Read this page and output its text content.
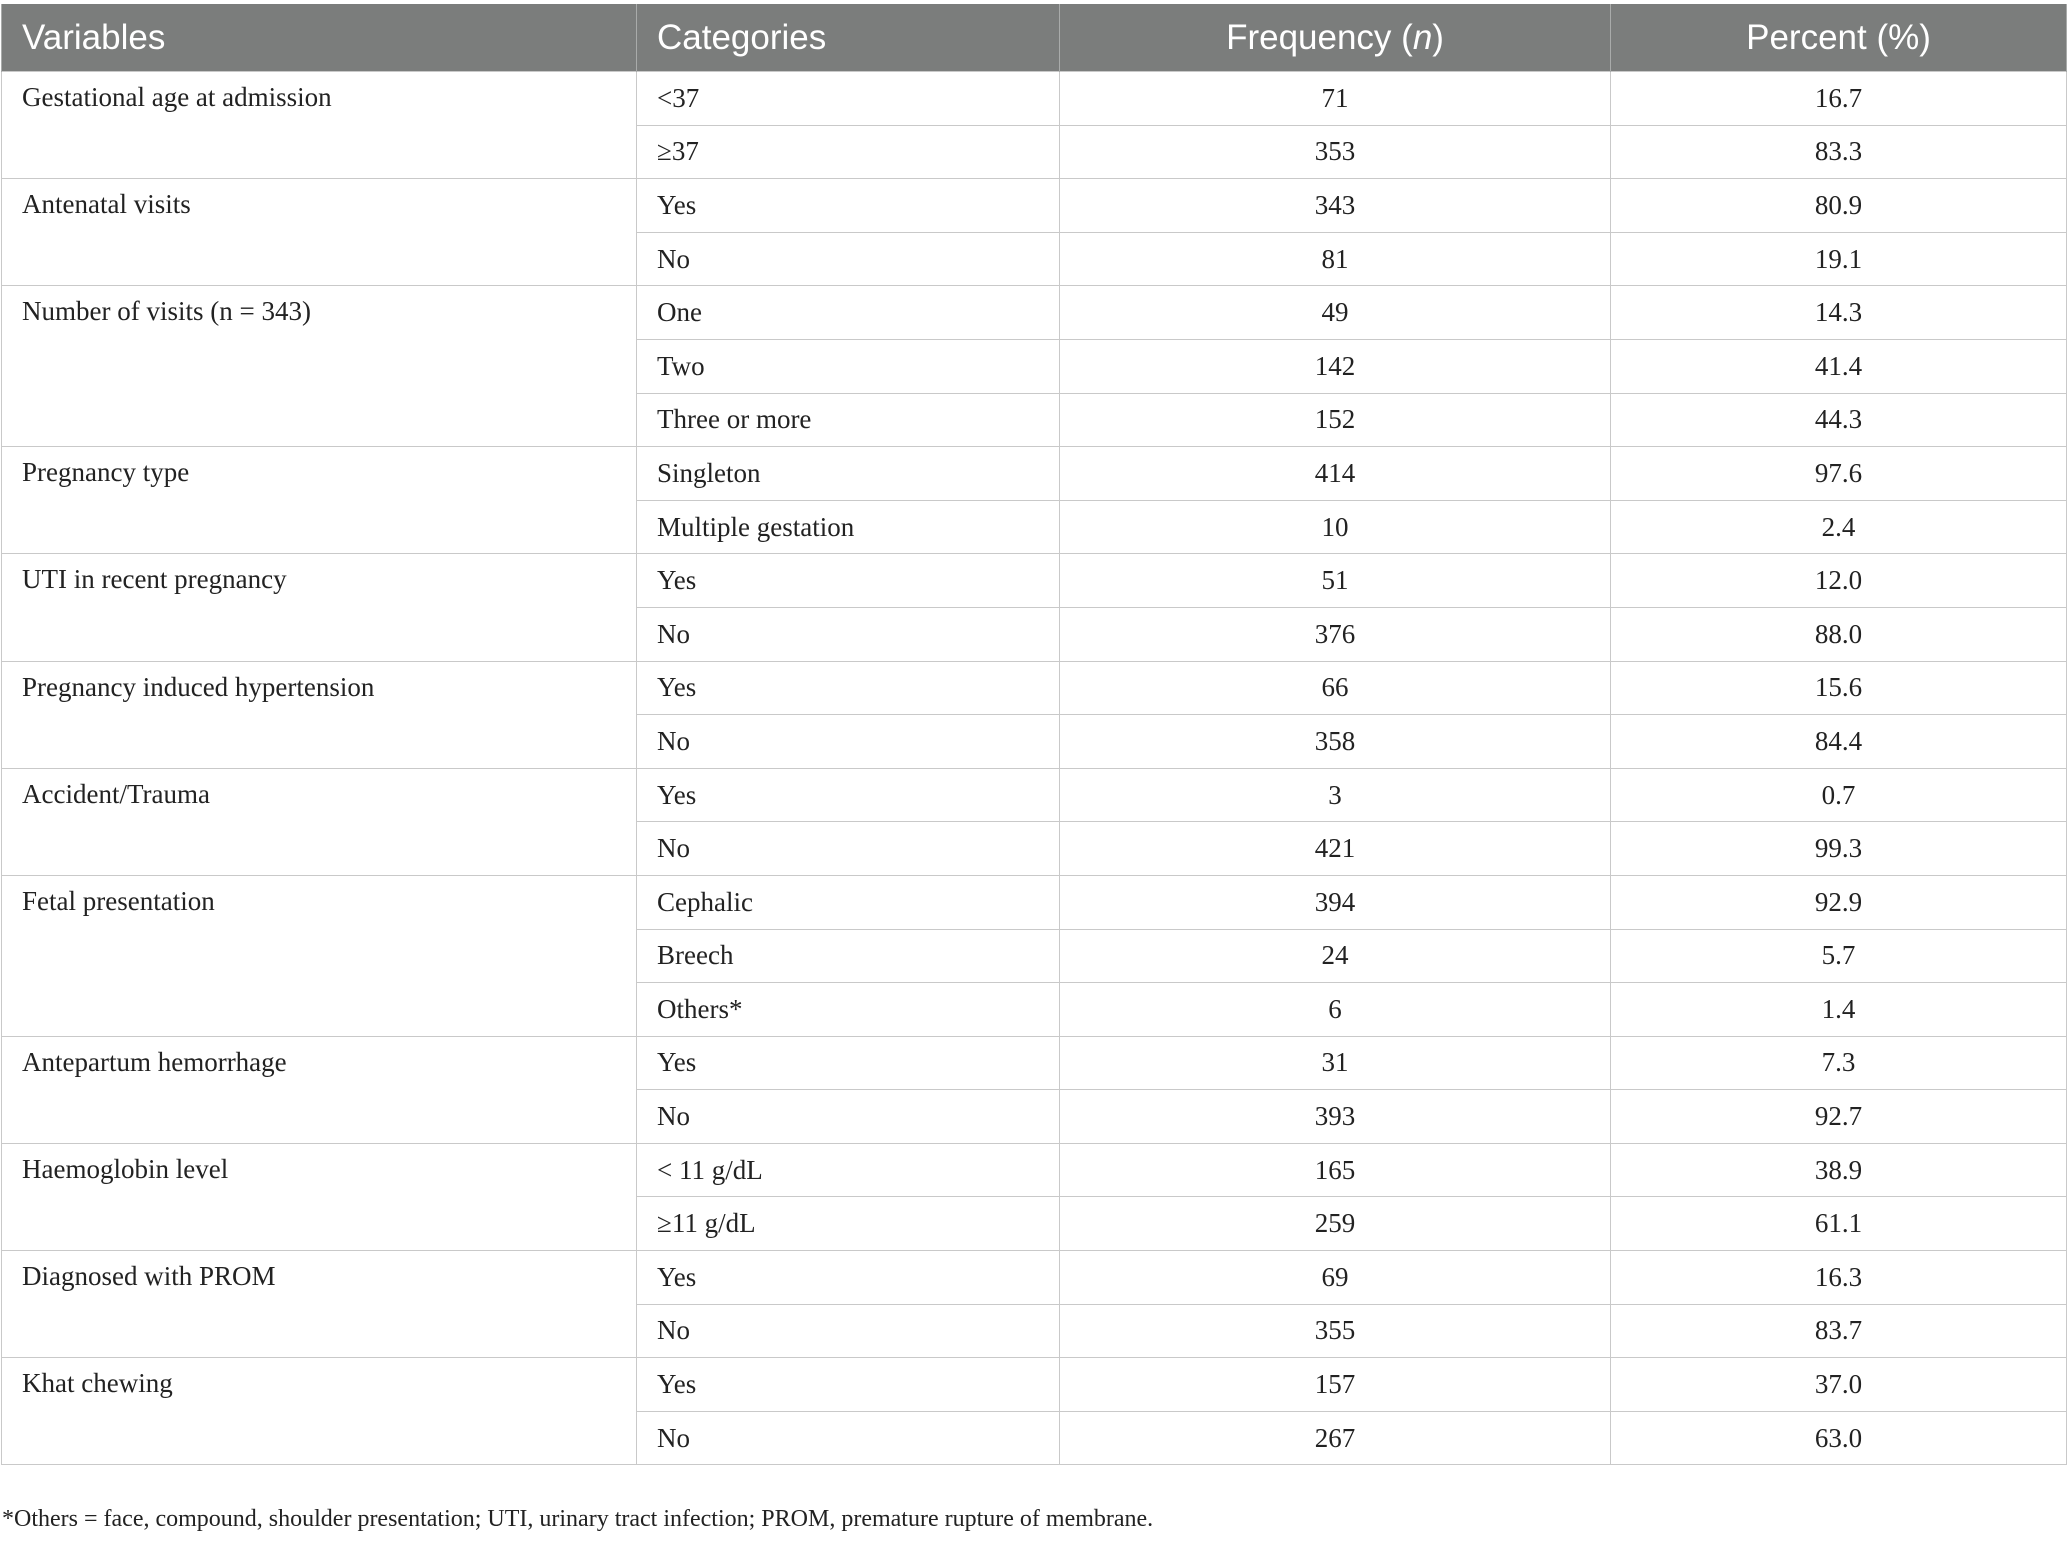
Variables	Categories	Frequency (n)	Percent (%)
Gestational age at admission	<37	71	16.7
	≥37	353	83.3
Antenatal visits	Yes	343	80.9
	No	81	19.1
Number of visits (n = 343)	One	49	14.3
	Two	142	41.4
	Three or more	152	44.3
Pregnancy type	Singleton	414	97.6
	Multiple gestation	10	2.4
UTI in recent pregnancy	Yes	51	12.0
	No	376	88.0
Pregnancy induced hypertension	Yes	66	15.6
	No	358	84.4
Accident/Trauma	Yes	3	0.7
	No	421	99.3
Fetal presentation	Cephalic	394	92.9
	Breech	24	5.7
	Others*	6	1.4
Antepartum hemorrhage	Yes	31	7.3
	No	393	92.7
Haemoglobin level	< 11 g/dL	165	38.9
	≥11 g/dL	259	61.1
Diagnosed with PROM	Yes	69	16.3
	No	355	83.7
Khat chewing	Yes	157	37.0
	No	267	63.0
*Others = face, compound, shoulder presentation; UTI, urinary tract infection; PROM, premature rupture of membrane.
